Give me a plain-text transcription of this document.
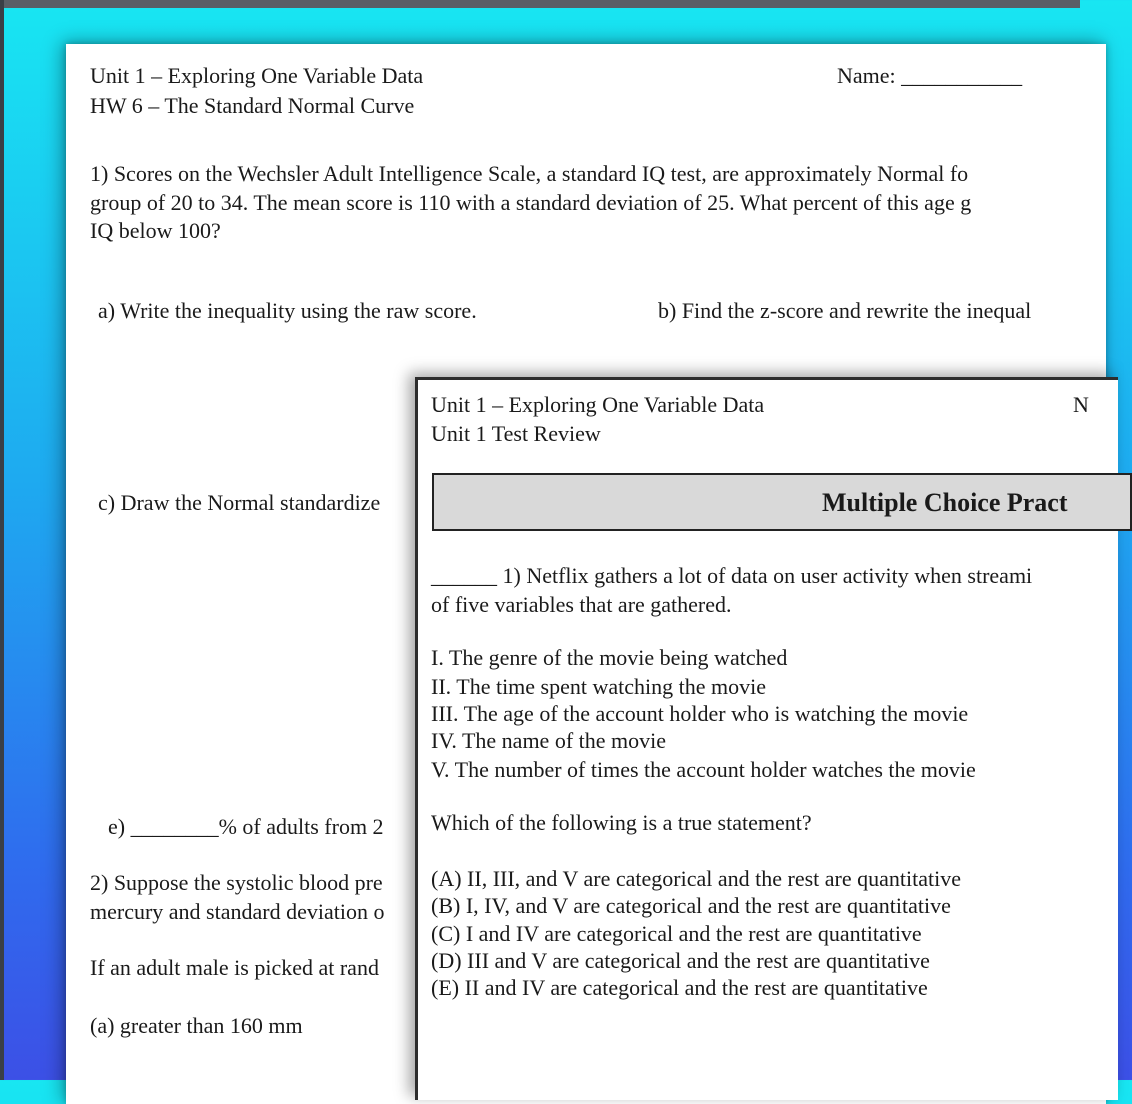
Unit 1 – Exploring One Variable Data
HW 6 – The Standard Normal Curve
Name: ___________
1) Scores on the Wechsler Adult Intelligence Scale, a standard IQ test, are approximately Normal fo
group of 20 to 34. The mean score is 110 with a standard deviation of 25. What percent of this age g
IQ below 100?
a) Write the inequality using the raw score.	b) Find the z-score and rewrite the inequal
c) Draw the Normal standardize
e) ________% of adults from 2
2) Suppose the systolic blood pre
mercury and standard deviation o
If an adult male is picked at rand
(a) greater than 160 mm
Unit 1 – Exploring One Variable Data
Unit 1 Test Review
N
Multiple Choice Pract
______ 1) Netflix gathers a lot of data on user activity when streami
of five variables that are gathered.
I. The genre of the movie being watched
II. The time spent watching the movie
III. The age of the account holder who is watching the movie
IV. The name of the movie
V. The number of times the account holder watches the movie
Which of the following is a true statement?
(A) II, III, and V are categorical and the rest are quantitative
(B) I, IV, and V are categorical and the rest are quantitative
(C) I and IV are categorical and the rest are quantitative
(D) III and V are categorical and the rest are quantitative
(E) II and IV are categorical and the rest are quantitative
